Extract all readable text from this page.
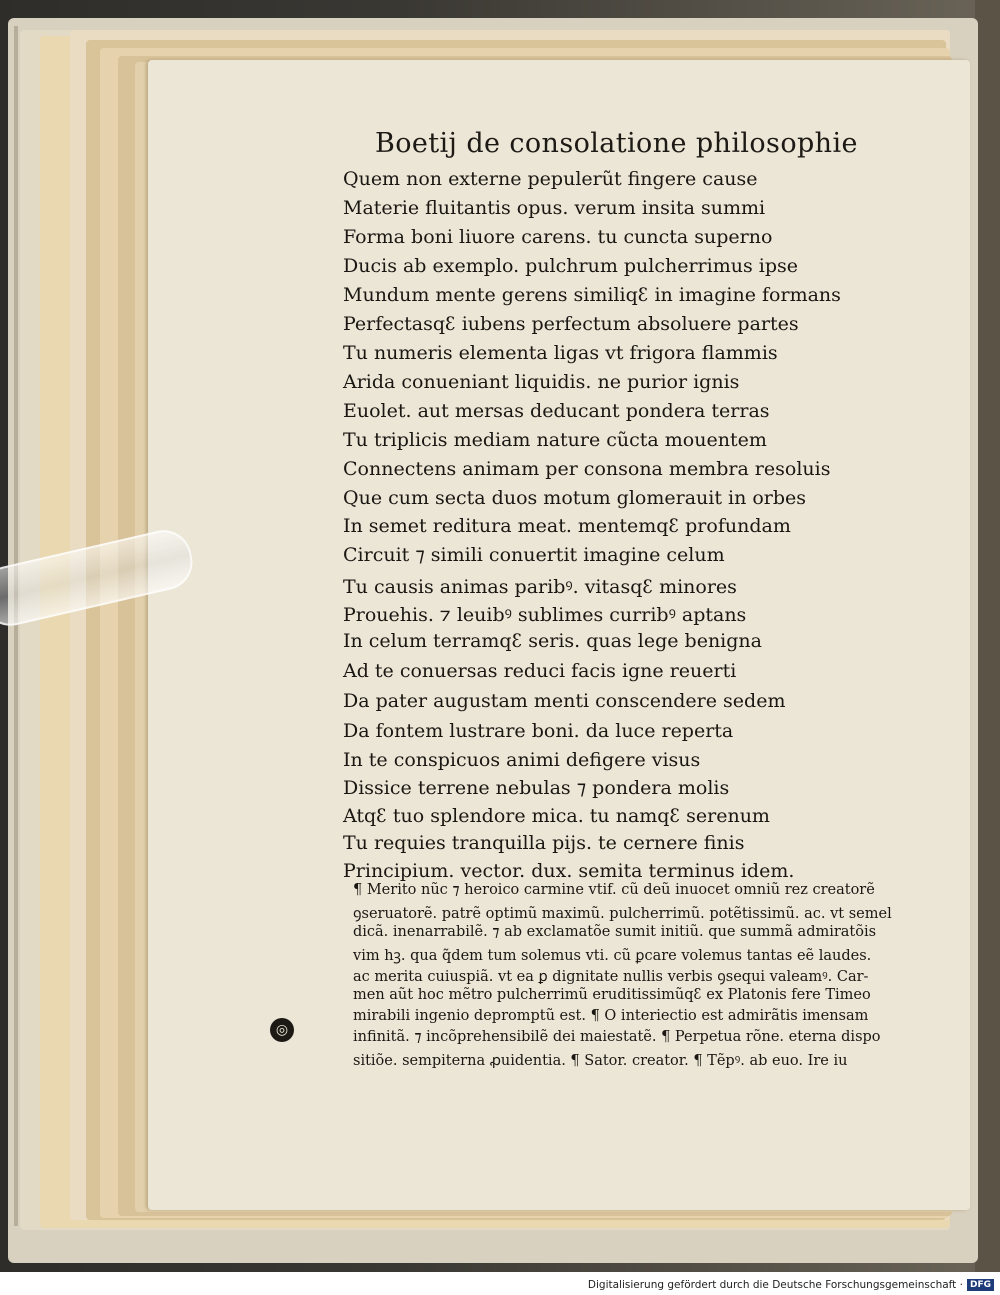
Boetij de consolatione philosophie
Quem non externe pepulerũt fingere cause
Materie fluitantis opus. verum insita summi
Forma boni liuore carens. tu cuncta superno
Ducis ab exemplo. pulchrum pulcherrimus ipse
Mundum mente gerens similiqꜫ in imagine formans
Perfectasqꜫ iubens perfectum absoluere partes
Tu numeris elementa ligas vt frigora flammis
Arida conueniant liquidis. ne purior ignis
Euolet. aut mersas deducant pondera terras
Tu triplicis mediam nature cũcta mouentem
Connectens animam per consona membra resoluis
Que cum secta duos motum glomerauit in orbes
In semet reditura meat. mentemqꜫ profundam
Circuit ⁊ simili conuertit imagine celum
Tu causis animas paribꝰ. vitasqꜫ minores
Prouehis. ⁊ leuibꝰ sublimes curribꝰ aptans
In celum terramqꜫ seris. quas lege benigna
Ad te conuersas reduci facis igne reuerti
Da pater augustam menti conscendere sedem
Da fontem lustrare boni. da luce reperta
In te conspicuos animi defigere visus
Dissice terrene nebulas ⁊ pondera molis
Atqꜫ tuo splendore mica. tu namqꜫ serenum
Tu requies tranquilla pijs. te cernere finis
Principium. vector. dux. semita terminus idem.
¶ Merito nũc ⁊ heroico carmine vtif. cũ deũ inuocet omniũ rez creatorẽ
ꝯseruatorẽ. patrẽ optimũ maximũ. pulcherrimũ. potẽtissimũ. ac. vt semel
dicã. inenarrabilẽ. ⁊ ab exclamatõe sumit initiũ. que summã admiratõis
vim hꝫ. qua q̃dem tum solemus vti. cũ ꝑcare volemus tantas eẽ laudes.
ac merita cuiuspiã. vt ea ꝑ dignitate nullis verbis ꝯsequi valeamꝰ. Car-
men aũt hoc mẽtro pulcherrimũ eruditissimũqꜫ ex Platonis fere Timeo
mirabili ingenio depromptũ est. ¶ O interiectio est admirãtis imensam
infinitã. ⁊ incõprehensibilẽ dei maiestatẽ. ¶ Perpetua rõne. eterna dispo
sitiõe. sempiterna ꝓuidentia. ¶ Sator. creator. ¶ Tẽpꝰ. ab euo. Ire iu
◎
Digitalisierung gefördert durch die Deutsche Forschungsgemeinschaft · DFG
